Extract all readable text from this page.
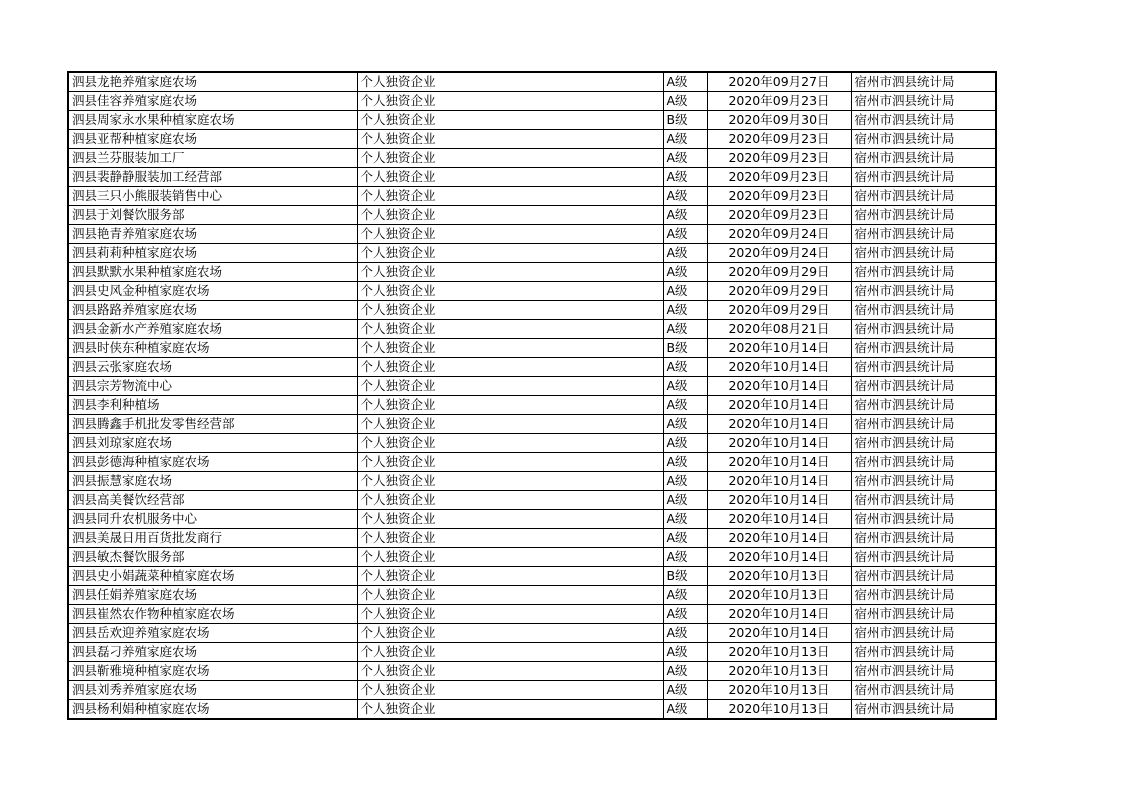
泗县龙艳养殖家庭农场	个人独资企业	A级	2020年09月27日	宿州市泗县统计局
泗县佳容养殖家庭农场	个人独资企业	A级	2020年09月23日	宿州市泗县统计局
泗县周家永水果种植家庭农场	个人独资企业	B级	2020年09月30日	宿州市泗县统计局
泗县亚帮种植家庭农场	个人独资企业	A级	2020年09月23日	宿州市泗县统计局
泗县兰芬服装加工厂	个人独资企业	A级	2020年09月23日	宿州市泗县统计局
泗县裴静静服装加工经营部	个人独资企业	A级	2020年09月23日	宿州市泗县统计局
泗县三只小熊服装销售中心	个人独资企业	A级	2020年09月23日	宿州市泗县统计局
泗县于刘餐饮服务部	个人独资企业	A级	2020年09月23日	宿州市泗县统计局
泗县艳青养殖家庭农场	个人独资企业	A级	2020年09月24日	宿州市泗县统计局
泗县莉莉种植家庭农场	个人独资企业	A级	2020年09月24日	宿州市泗县统计局
泗县默默水果种植家庭农场	个人独资企业	A级	2020年09月29日	宿州市泗县统计局
泗县史风金种植家庭农场	个人独资企业	A级	2020年09月29日	宿州市泗县统计局
泗县路路养殖家庭农场	个人独资企业	A级	2020年09月29日	宿州市泗县统计局
泗县金新水产养殖家庭农场	个人独资企业	A级	2020年08月21日	宿州市泗县统计局
泗县时侠东种植家庭农场	个人独资企业	B级	2020年10月14日	宿州市泗县统计局
泗县云张家庭农场	个人独资企业	A级	2020年10月14日	宿州市泗县统计局
泗县宗芳物流中心	个人独资企业	A级	2020年10月14日	宿州市泗县统计局
泗县李利种植场	个人独资企业	A级	2020年10月14日	宿州市泗县统计局
泗县腾鑫手机批发零售经营部	个人独资企业	A级	2020年10月14日	宿州市泗县统计局
泗县刘琼家庭农场	个人独资企业	A级	2020年10月14日	宿州市泗县统计局
泗县彭德海种植家庭农场	个人独资企业	A级	2020年10月14日	宿州市泗县统计局
泗县振慧家庭农场	个人独资企业	A级	2020年10月14日	宿州市泗县统计局
泗县高美餐饮经营部	个人独资企业	A级	2020年10月14日	宿州市泗县统计局
泗县同升农机服务中心	个人独资企业	A级	2020年10月14日	宿州市泗县统计局
泗县美晟日用百货批发商行	个人独资企业	A级	2020年10月14日	宿州市泗县统计局
泗县敏杰餐饮服务部	个人独资企业	A级	2020年10月14日	宿州市泗县统计局
泗县史小娟蔬菜种植家庭农场	个人独资企业	B级	2020年10月13日	宿州市泗县统计局
泗县任娟养殖家庭农场	个人独资企业	A级	2020年10月13日	宿州市泗县统计局
泗县崔然农作物种植家庭农场	个人独资企业	A级	2020年10月14日	宿州市泗县统计局
泗县岳欢迎养殖家庭农场	个人独资企业	A级	2020年10月14日	宿州市泗县统计局
泗县磊刁养殖家庭农场	个人独资企业	A级	2020年10月13日	宿州市泗县统计局
泗县靳雅境种植家庭农场	个人独资企业	A级	2020年10月13日	宿州市泗县统计局
泗县刘秀养殖家庭农场	个人独资企业	A级	2020年10月13日	宿州市泗县统计局
泗县杨利娟种植家庭农场	个人独资企业	A级	2020年10月13日	宿州市泗县统计局
